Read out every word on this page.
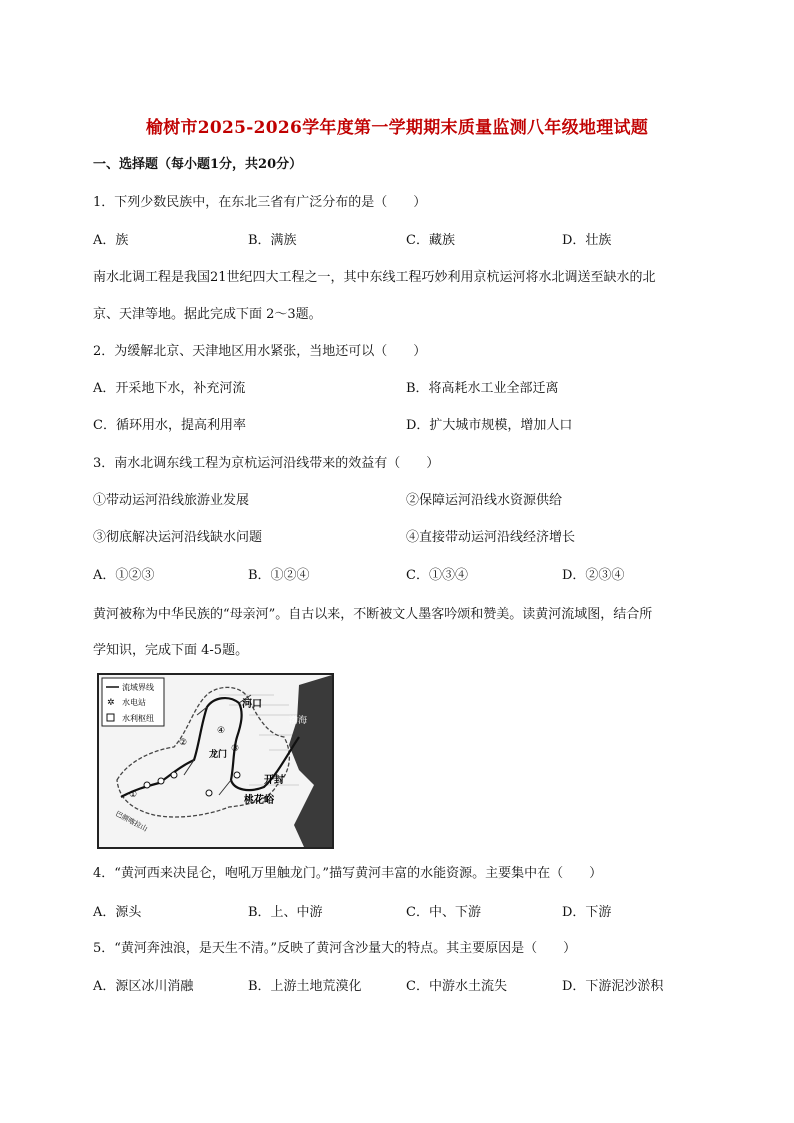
榆树市2025-2026学年度第一学期期末质量监测八年级地理试题
一、选择题（每小题1分，共20分）
1．下列少数民族中，在东北三省有广泛分布的是（　　）
A．族	B．满族	C．藏族	D．壮族
南水北调工程是我国21世纪四大工程之一，其中东线工程巧妙利用京杭运河将水北调送至缺水的北
京、天津等地。据此完成下面 2～3题。
2．为缓解北京、天津地区用水紧张，当地还可以（　　）
A．开采地下水，补充河流	B．将高耗水工业全部迁离
C．循环用水，提高利用率	D．扩大城市规模，增加人口
3．南水北调东线工程为京杭运河沿线带来的效益有（　　）
①带动运河沿线旅游业发展	②保障运河沿线水资源供给
③彻底解决运河沿线缺水问题	④直接带动运河沿线经济增长
A．①②③	B．①②④	C．①③④	D．②③④
黄河被称为中华民族的“母亲河”。自古以来，不断被文人墨客吟颂和赞美。读黄河流域图，结合所
学知识，完成下面 4-5题。
流域界线
✲ 水电站
水利枢纽
河口
渤海
龙门
开封
桃花峪
巴颜喀拉山
①
②
③
④
4．“黄河西来决昆仑，咆吼万里触龙门。”描写黄河丰富的水能资源。主要集中在（　　）
A．源头	B．上、中游	C．中、下游	D．下游
5．“黄河奔浊浪，是天生不清。”反映了黄河含沙量大的特点。其主要原因是（　　）
A．源区冰川消融	B．上游土地荒漠化	C．中游水土流失	D．下游泥沙淤积
